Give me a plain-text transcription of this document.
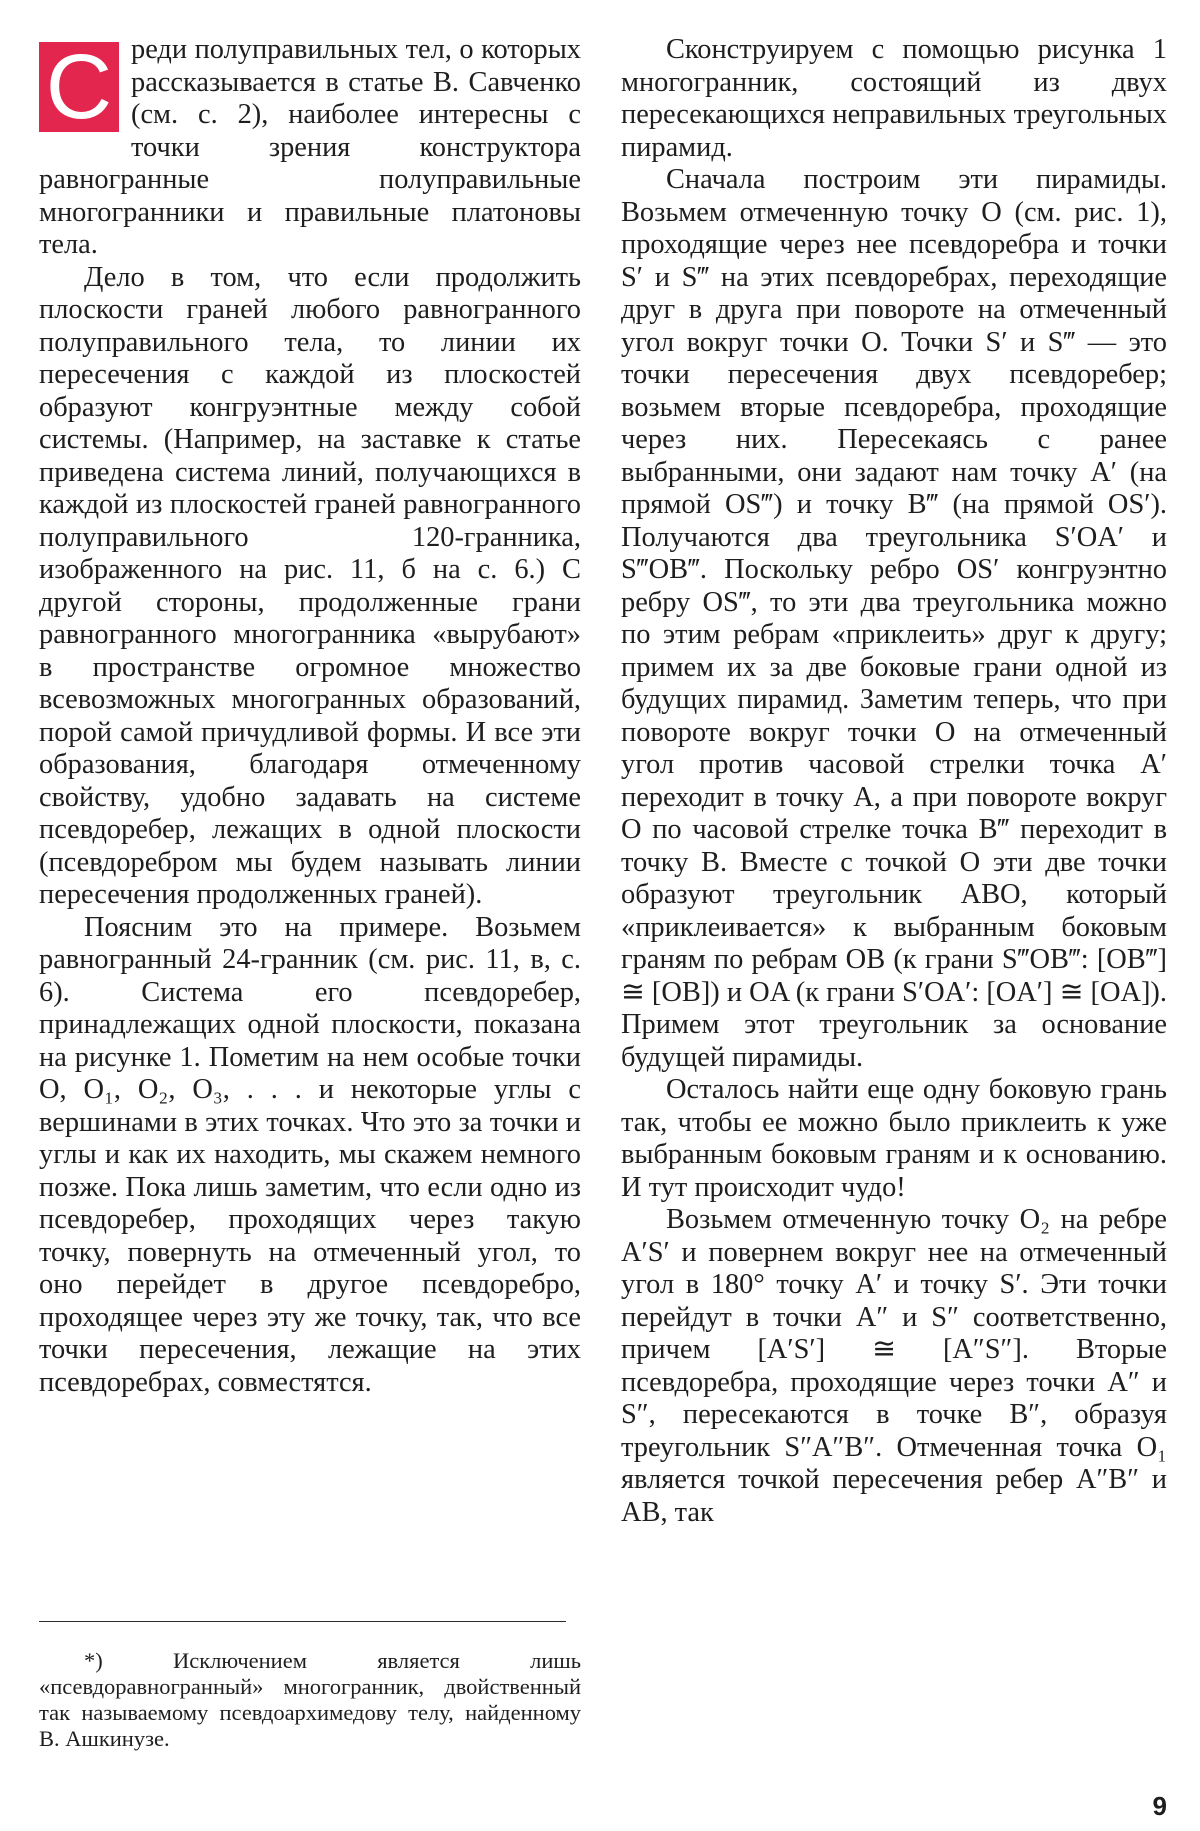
С реди полуправильных тел, о которых рассказывается в статье В. Савченко (см. с. 2), наиболее интересны с точки зрения конструктора равногранные полуправильные многогранники и правильные платоновы тела.

Дело в том, что если продолжить плоскости граней любого равногранного полуправильного тела, то линии их пересечения с каждой из плоскостей образуют конгруэнтные между собой системы. (Например, на заставке к статье приведена система линий, получающихся в каждой из плоскостей граней равногранного полуправильного 120-гранника, изображенного на рис. 11, б на с. 6.) С другой стороны, продолженные грани равногранного многогранника «вырубают» в пространстве огромное множество всевозможных многогранных образований, порой самой причудливой формы. И все эти образования, благодаря отмеченному свойству, удобно задавать на системе псевдоребер, лежащих в одной плоскости (псевдоребром мы будем называть линии пересечения продолженных граней).

Поясним это на примере. Возьмем равногранный 24-гранник (см. рис. 11, в, с. 6). Система его псевдоребер, принадлежащих одной плоскости, показана на рисунке 1. Пометим на нем особые точки O, O₁, O₂, O₃, . . . и некоторые углы с вершинами в этих точках. Что это за точки и углы и как их находить, мы скажем немного позже. Пока лишь заметим, что если одно из псевдоребер, проходящих через такую точку, повернуть на отмеченный угол, то оно перейдет в другое псевдоребро, проходящее через эту же точку, так, что все точки пересечения, лежащие на этих псевдоребрах, совместятся.

Сконструируем с помощью рисунка 1 многогранник, состоящий из двух пересекающихся неправильных треугольных пирамид.

Сначала построим эти пирамиды. Возьмем отмеченную точку O (см. рис. 1), проходящие через нее псевдоребра и точки S′ и S‴ на этих псевдоребрах, переходящие друг в друга при повороте на отмеченный угол вокруг точки O. Точки S′ и S‴ — это точки пересечения двух псевдоребер; возьмем вторые псевдоребра, проходящие через них. Пересекаясь с ранее выбранными, они задают нам точку A′ (на прямой OS‴) и точку B‴ (на прямой OS′). Получаются два треугольника S′OA′ и S‴OB‴. Поскольку ребро OS′ конгруэнтно ребру OS‴, то эти два треугольника можно по этим ребрам «приклеить» друг к другу; примем их за две боковые грани одной из будущих пирамид. Заметим теперь, что при повороте вокруг точки O на отмеченный угол против часовой стрелки точка A′ переходит в точку A, а при повороте вокруг O по часовой стрелке точка B‴ переходит в точку B. Вместе с точкой O эти две точки образуют треугольник ABO, который «приклеивается» к выбранным боковым граням по ребрам OB (к грани S‴OB‴: [OB‴] ≅ [OB]) и OA (к грани S′OA′: [OA′] ≅ [OA]). Примем этот треугольник за основание будущей пирамиды.

Осталось найти еще одну боковую грань так, чтобы ее можно было приклеить к уже выбранным боковым граням и к основанию. И тут происходит чудо!

Возьмем отмеченную точку O₂ на ребре A′S′ и повернем вокруг нее на отмеченный угол в 180° точку A′ и точку S′. Эти точки перейдут в точки A″ и S″ соответственно, причем [A′S′] ≅ [A″S″]. Вторые псевдоребра, проходящие через точки A″ и S″, пересекаются в точке B″, образуя треугольник S″A″B″. Отмеченная точка O₁ является точкой пересечения ребер A″B″ и AB, так

*) Исключением является лишь «псевдоравногранный» многогранник, двойственный так называемому псевдоархимедову телу, найденному В. Ашкинузе.
9
